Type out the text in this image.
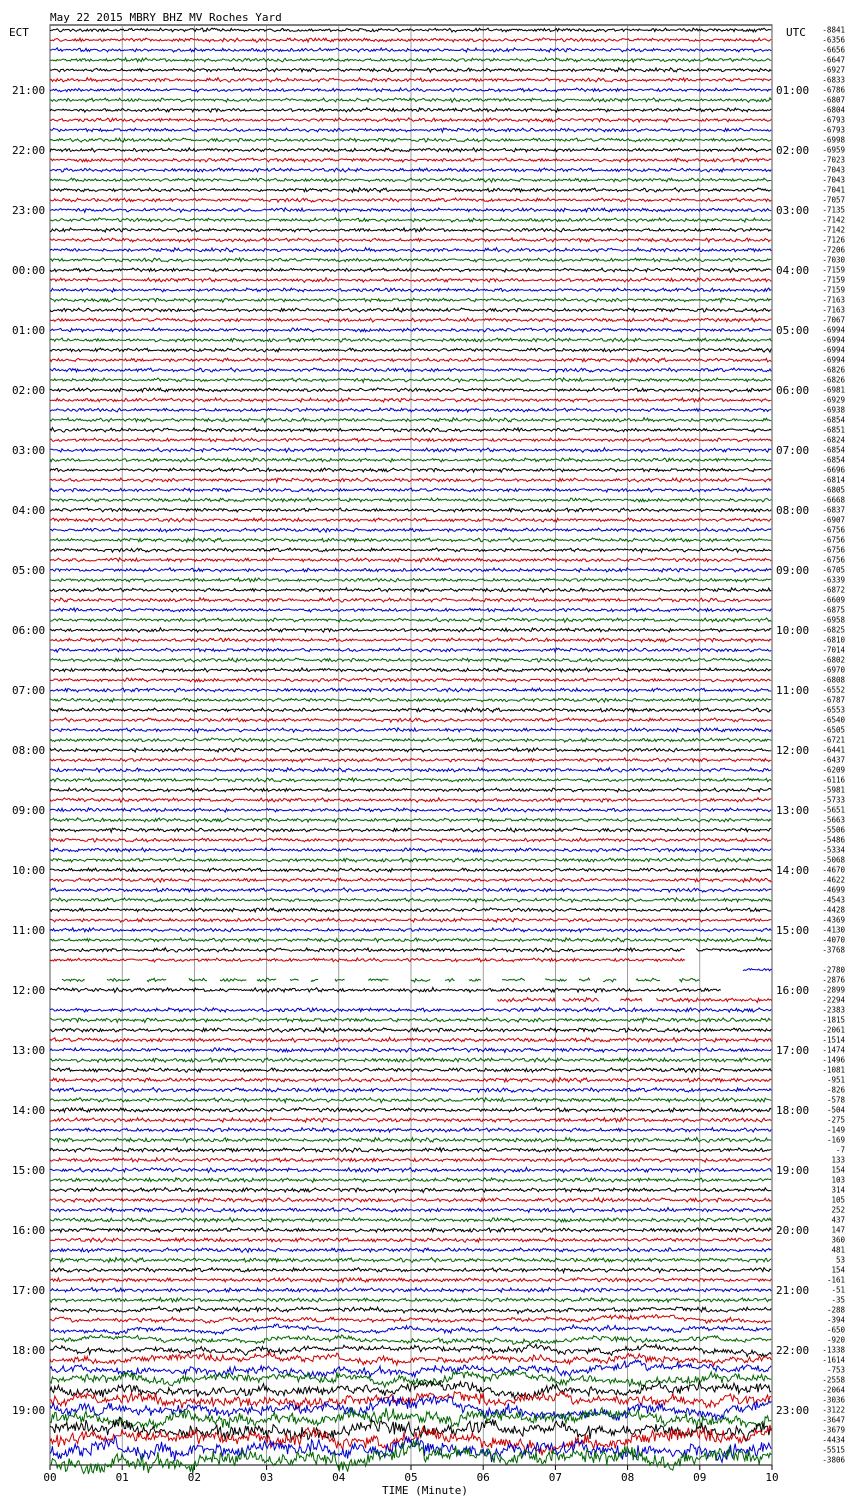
May 22 2015 MBRY BHZ MV Roches Yard
ECT	UTC
TIME (Minute)
00	01	02	03	04	05	06	07	08	09	10
-8841
-6356
-6656
-6647
-6927
-6833
-6786
-6807
-6804
-6793
-6793
-6998
-6959
-7023
-7043
-7043
-7041
-7057
-7135
-7142
-7142
-7126
-7206
-7030
-7159
-7159
-7159
-7163
-7163
-7067
-6994
-6994
-6994
-6994
-6826
-6826
-6981
-6929
-6938
-6854
-6851
-6824
-6854
-6854
-6696
-6814
-6805
-6668
-6837
-6907
-6756
-6756
-6756
-6756
-6705
-6339
-6872
-6609
-6875
-6958
-6825
-6810
-7014
-6802
-6970
-6808
-6552
-6787
-6553
-6540
-6505
-6721
-6441
-6437
-6209
-6116
-5981
-5733
-5651
-5663
-5506
-5486
-5334
-5068
-4670
-4622
-4699
-4543
-4428
-4369
-4130
-4070
-3768
-2780
-2876
-2899
-2294
-2383
-1815
-2061
-1514
-1474
-1496
-1081
-951
-826
-578
-504
-275
-149
-169
-7
133
154
103
314
105
252
437
147
360
481
53
154
-161
-51
-35
-288
-394
-650
-920
-1338
-1614
-753
-2558
-2064
-3036
-3122
-3647
-3679
-4434
-5515
-3806
21:00	01:00
22:00	02:00
23:00	03:00
00:00	04:00
01:00	05:00
02:00	06:00
03:00	07:00
04:00	08:00
05:00	09:00
06:00	10:00
07:00	11:00
08:00	12:00
09:00	13:00
10:00	14:00
11:00	15:00
12:00	16:00
13:00	17:00
14:00	18:00
15:00	19:00
16:00	20:00
17:00	21:00
18:00	22:00
19:00	23:00
